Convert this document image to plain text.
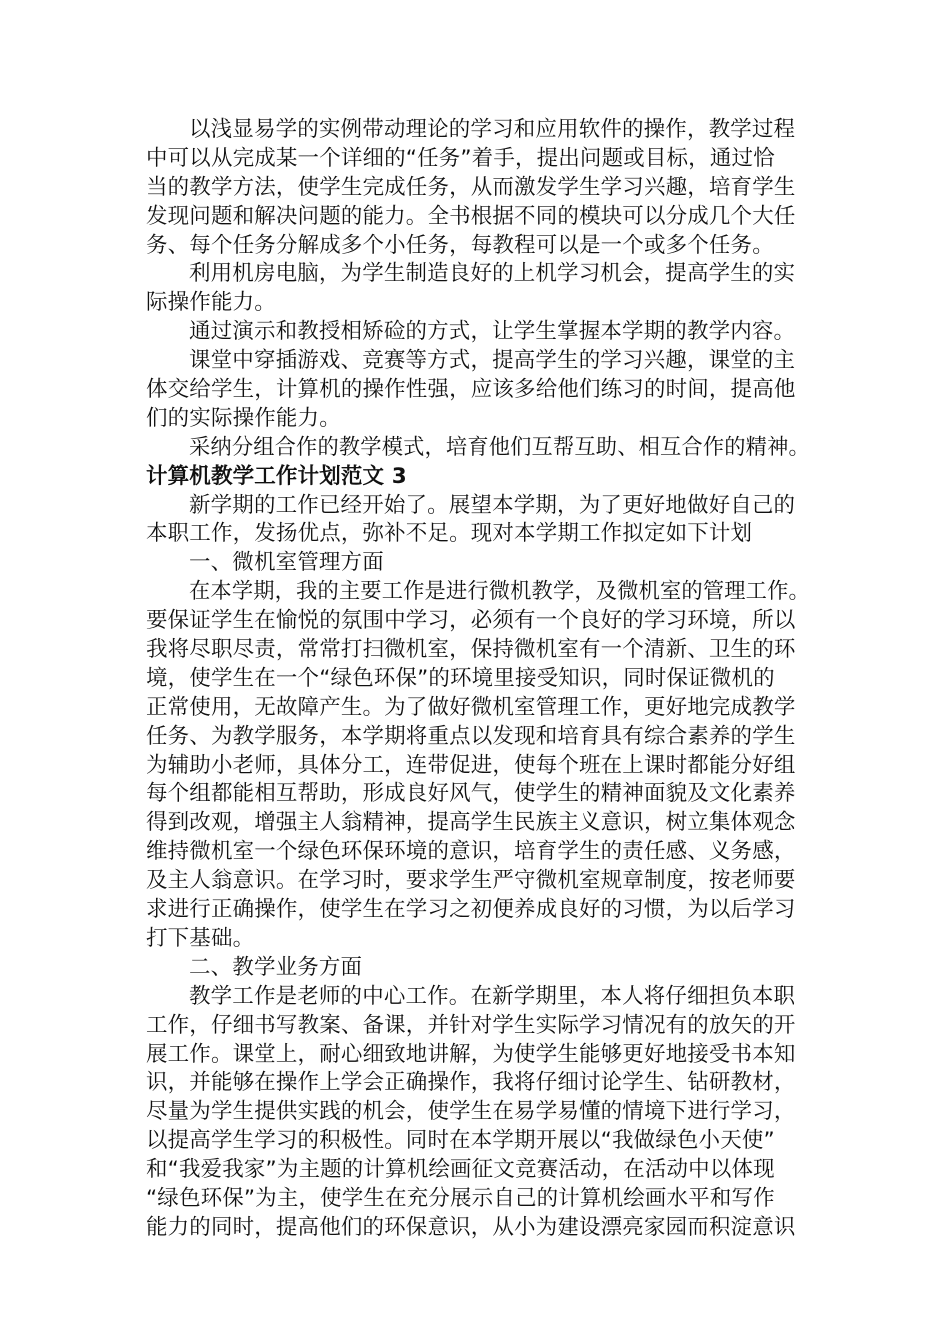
以浅显易学的实例带动理论的学习和应用软件的操作，教学过程
中可以从完成某一个详细的“任务”着手，提出问题或目标，通过恰
当的教学方法，使学生完成任务，从而激发学生学习兴趣，培育学生
发现问题和解决问题的能力。全书根据不同的模块可以分成几个大任
务、每个任务分解成多个小任务，每教程可以是一个或多个任务。
利用机房电脑，为学生制造良好的上机学习机会，提高学生的实
际操作能力。
通过演示和教授相矫硷的方式，让学生掌握本学期的教学内容。
课堂中穿插游戏、竞赛等方式，提高学生的学习兴趣，课堂的主
体交给学生，计算机的操作性强，应该多给他们练习的时间，提高他
们的实际操作能力。
采纳分组合作的教学模式，培育他们互帮互助、相互合作的精神。
计算机教学工作计划范文 3
新学期的工作已经开始了。展望本学期，为了更好地做好自己的
本职工作，发扬优点，弥补不足。现对本学期工作拟定如下计划
一、微机室管理方面
在本学期，我的主要工作是进行微机教学，及微机室的管理工作。
要保证学生在愉悦的氛围中学习，必须有一个良好的学习环境，所以
我将尽职尽责，常常打扫微机室，保持微机室有一个清新、卫生的环
境，使学生在一个“绿色环保”的环境里接受知识，同时保证微机的
正常使用，无故障产生。为了做好微机室管理工作，更好地完成教学
任务、为教学服务，本学期将重点以发现和培育具有综合素养的学生
为辅助小老师，具体分工，连带促进，使每个班在上课时都能分好组
每个组都能相互帮助，形成良好风气，使学生的精神面貌及文化素养
得到改观，增强主人翁精神，提高学生民族主义意识，树立集体观念
维持微机室一个绿色环保环境的意识，培育学生的责任感、义务感，
及主人翁意识。在学习时，要求学生严守微机室规章制度，按老师要
求进行正确操作，使学生在学习之初便养成良好的习惯，为以后学习
打下基础。
二、教学业务方面
教学工作是老师的中心工作。在新学期里，本人将仔细担负本职
工作，仔细书写教案、备课，并针对学生实际学习情况有的放矢的开
展工作。课堂上，耐心细致地讲解，为使学生能够更好地接受书本知
识，并能够在操作上学会正确操作，我将仔细讨论学生、钻研教材，
尽量为学生提供实践的机会，使学生在易学易懂的情境下进行学习，
以提高学生学习的积极性。同时在本学期开展以“我做绿色小天使”
和“我爱我家”为主题的计算机绘画征文竞赛活动，在活动中以体现
“绿色环保”为主，使学生在充分展示自己的计算机绘画水平和写作
能力的同时，提高他们的环保意识，从小为建设漂亮家园而积淀意识
